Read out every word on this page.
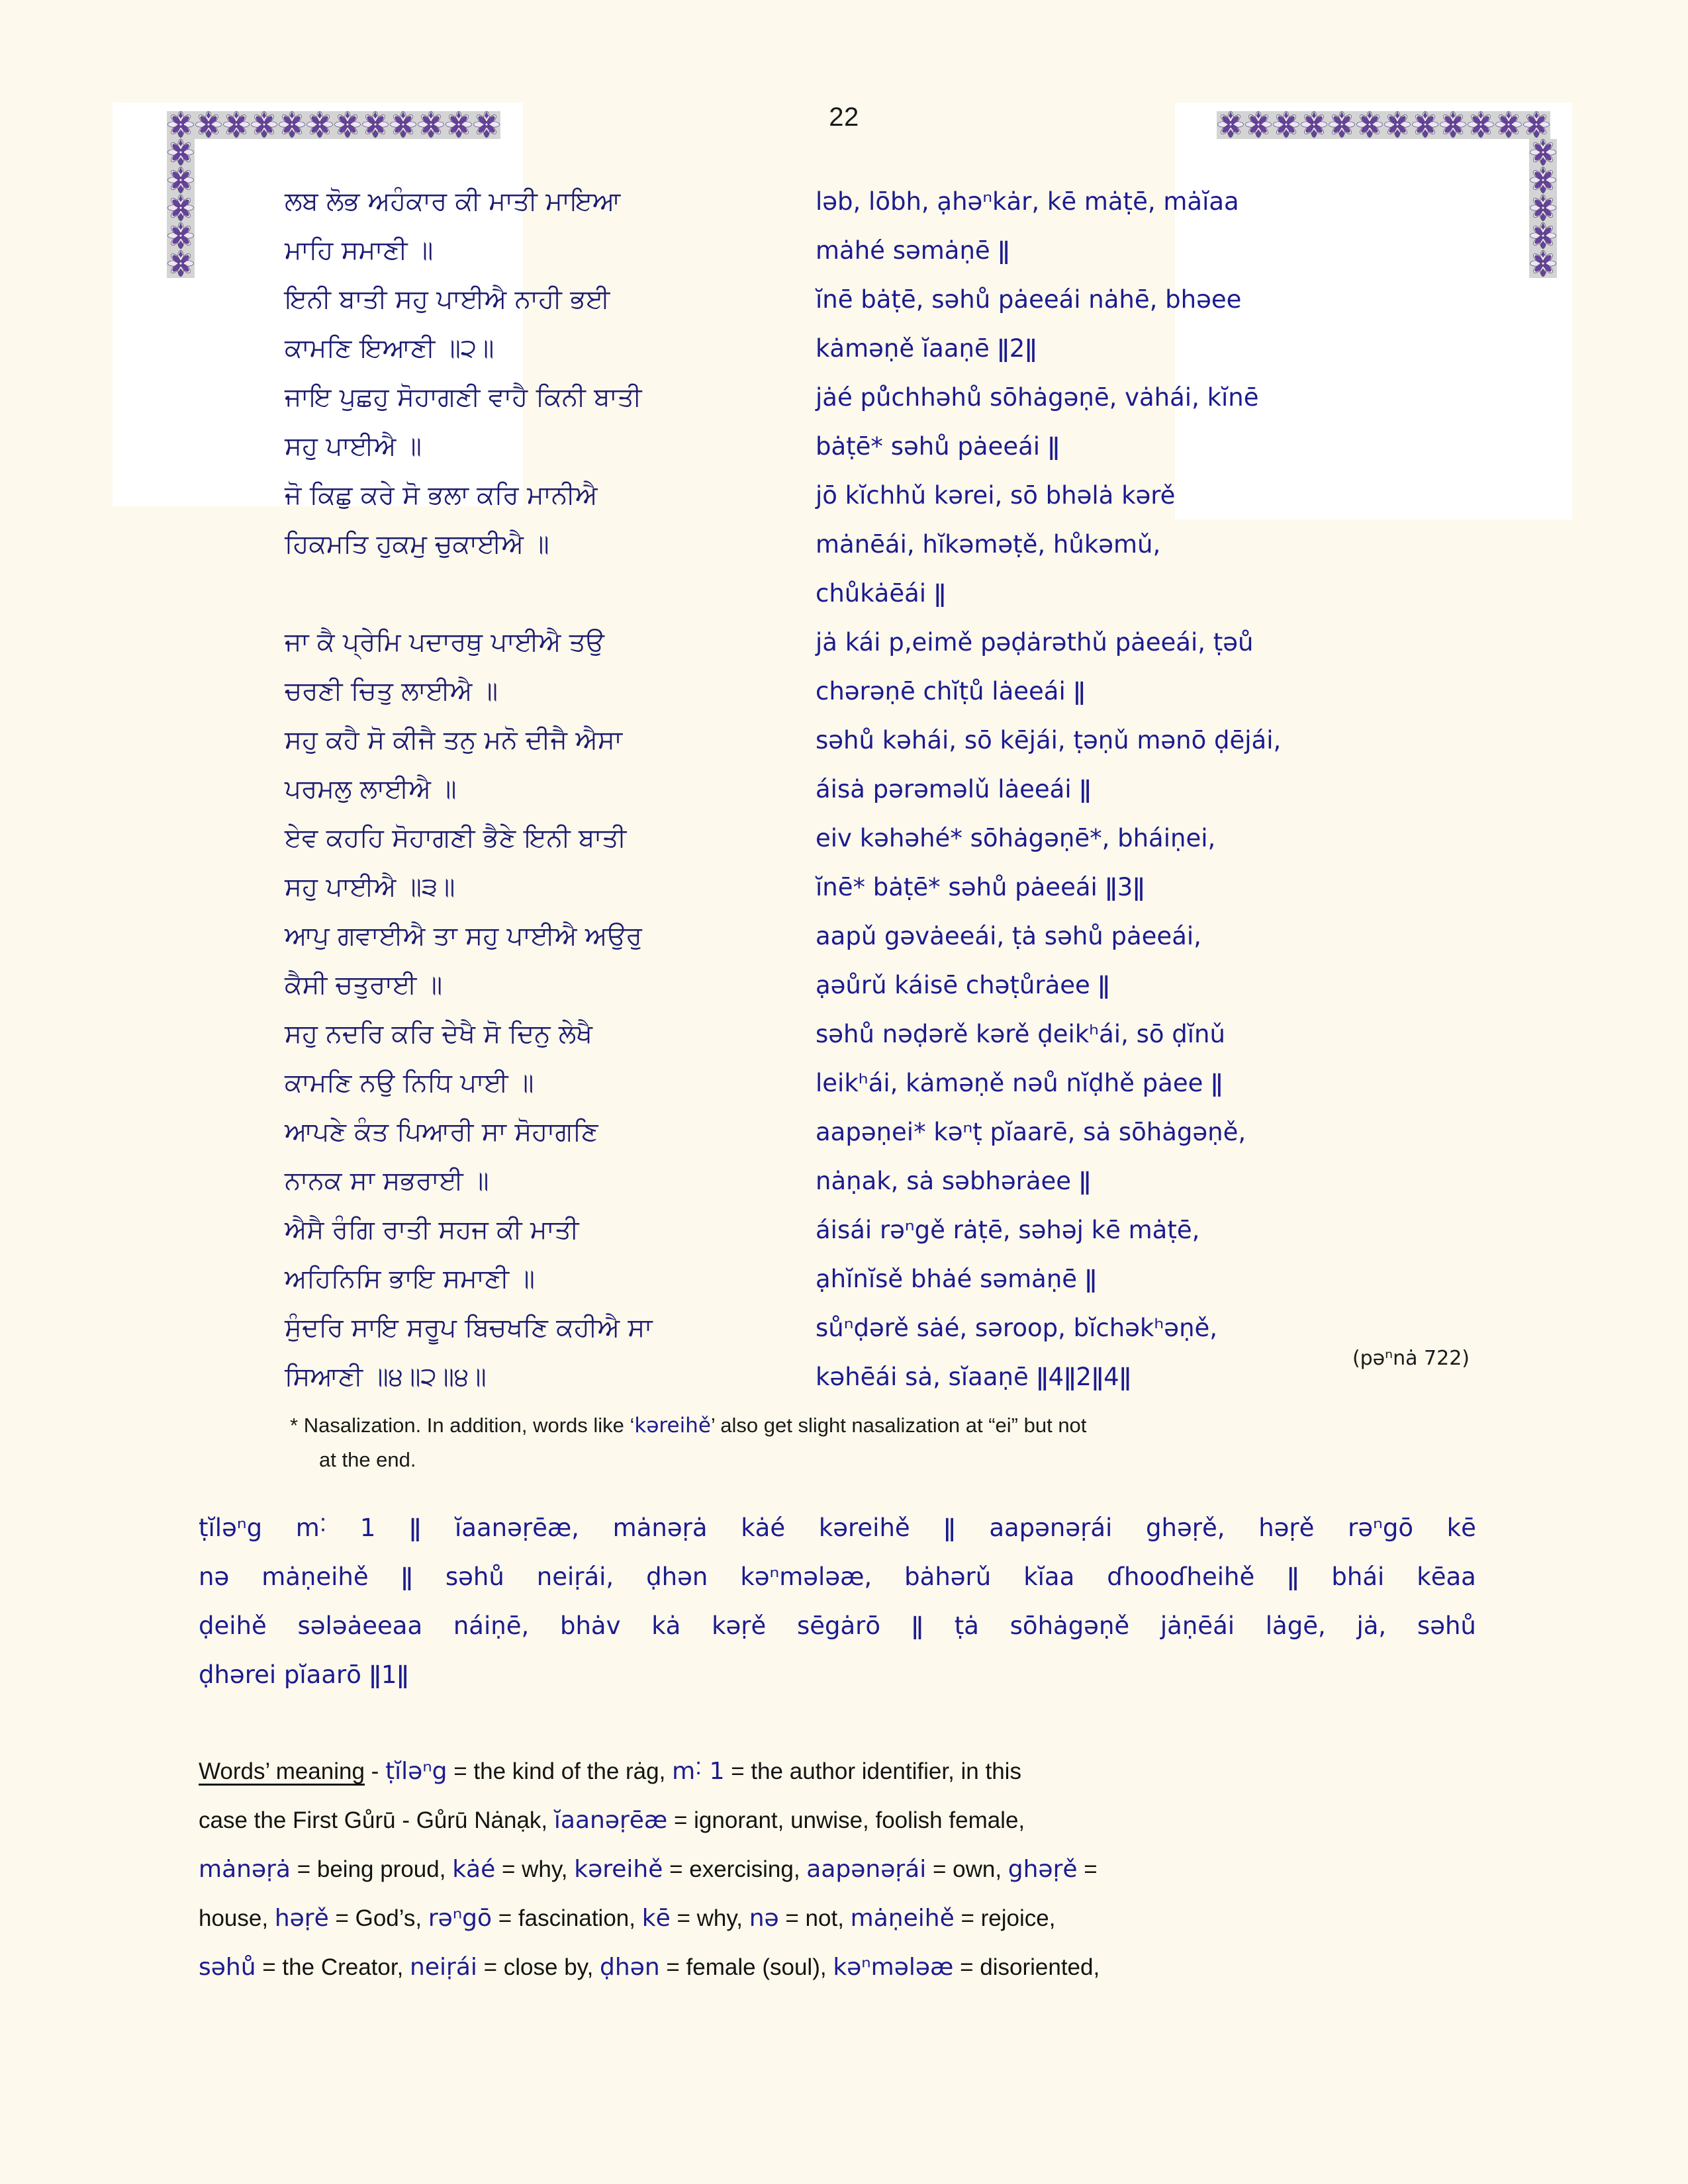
22
ਲਬ ਲੋਭ ਅਹੰਕਾਰ ਕੀ ਮਾਤੀ ਮਾਇਆ
ਮਾਹਿ ਸਮਾਣੀ ॥
ਇਨੀ ਬਾਤੀ ਸਹੁ ਪਾਈਐ ਨਾਹੀ ਭਈ
ਕਾਮਣਿ ਇਆਣੀ ॥੨॥
ਜਾਇ ਪੁਛਹੁ ਸੋਹਾਗਣੀ ਵਾਹੈ ਕਿਨੀ ਬਾਤੀ
ਸਹੁ ਪਾਈਐ ॥
ਜੋ ਕਿਛੁ ਕਰੇ ਸੋ ਭਲਾ ਕਰਿ ਮਾਨੀਐ
ਹਿਕਮਤਿ ਹੁਕਮੁ ਚੁਕਾਈਐ ॥
ਜਾ ਕੈ ਪ੍ਰੇਮਿ ਪਦਾਰਥੁ ਪਾਈਐ ਤਉ
ਚਰਣੀ ਚਿਤੁ ਲਾਈਐ ॥
ਸਹੁ ਕਹੈ ਸੋ ਕੀਜੈ ਤਨੁ ਮਨੋ ਦੀਜੈ ਐਸਾ
ਪਰਮਲੁ ਲਾਈਐ ॥
ਏਵ ਕਹਹਿ ਸੋਹਾਗਣੀ ਭੈਣੇ ਇਨੀ ਬਾਤੀ
ਸਹੁ ਪਾਈਐ ॥੩॥
ਆਪੁ ਗਵਾਈਐ ਤਾ ਸਹੁ ਪਾਈਐ ਅਉਰੁ
ਕੈਸੀ ਚਤੁਰਾਈ ॥
ਸਹੁ ਨਦਰਿ ਕਰਿ ਦੇਖੈ ਸੋ ਦਿਨੁ ਲੇਖੈ
ਕਾਮਣਿ ਨਉ ਨਿਧਿ ਪਾਈ ॥
ਆਪਣੇ ਕੰਤ ਪਿਆਰੀ ਸਾ ਸੋਹਾਗਣਿ
ਨਾਨਕ ਸਾ ਸਭਰਾਈ ॥
ਐਸੈ ਰੰਗਿ ਰਾਤੀ ਸਹਜ ਕੀ ਮਾਤੀ
ਅਹਿਨਿਸਿ ਭਾਇ ਸਮਾਣੀ ॥
ਸੁੰਦਰਿ ਸਾਇ ਸਰੂਪ ਬਿਚਖਣਿ ਕਹੀਐ ਸਾ
ਸਿਆਣੀ ॥੪॥੨॥੪॥
ləb, lōbh, ạhəⁿkȧr, kē mȧṭē, mȧĭaa
mȧhé səmȧṇē ǁ
ĭnē bȧṭē, səhů pȧeeái nȧhē, bhəee
kȧməṇě ĭaaṇē ǁ2ǁ
jȧé pů̇chhəhů sōhȧgəṇē, vȧhái, kĭnē
bȧṭē* səhů pȧeeái ǁ
jō kĭchhǔ kərei, sō bhəlȧ kərě
mȧnēái, hĭkəməṭě, hůkəmǔ,
chůkȧēái ǁ
jȧ kái p‚eimě pəḍȧrəthǔ pȧeeái, ṭəů
chərəṇē chĭṭů lȧeeái ǁ
səhů kəhái, sō kējái, ṭəṇǔ mənō ḍējái,
áisȧ pərəməlǔ lȧeeái ǁ
eiv kəhəhé* sōhȧgəṇē*, bháiṇei,
ĭnē* bȧṭē* səhů pȧeeái ǁ3ǁ
aapǔ gəvȧeeái, ṭȧ səhů pȧeeái,
ạəůrǔ káisē chəṭůrȧee ǁ
səhů nəḍərě kərě ḍeikʰái, sō ḍĭnǔ
leikʰái, kȧməṇě nəů nĭḍhě pȧee ǁ
aapəṇei* kəⁿṭ pĭaarē, sȧ sōhȧgəṇě,
nȧṇak, sȧ səbhərȧee ǁ
áisái rəⁿgě rȧṭē, səhəj kē mȧṭē,
ạhĭnĭsě bhȧé səmȧṇē ǁ
sůⁿḍərě sȧé, səroop, bĭchəkʰəṇě,
kəhēái sȧ, sĭaaṇē ǁ4ǁ2ǁ4ǁ
(pəⁿnȧ 722)
* Nasalization. In addition, words like ‘kəreihě’ also get slight nasalization at “ei” but not
at the end.
ṭĭləⁿg m˸ 1 ǁ ĭaanəṛēæ, mȧnəṛȧ kȧé kəreihě ǁ aapənəṛái ghəṛě, həṛě rəⁿgō kē
nə mȧṇeihě ǁ səhů neiṛái, ḍhən kəⁿmələæ, bȧhərǔ kĭaa ɗhooɗheihě ǁ bhái kēaa
ḍeihě sələȧeeaa náiṇē, bhȧv kȧ kəṛě sēgȧrō ǁ ṭȧ sōhȧgəṇě jȧṇēái lȧgē, jȧ, səhů
ḍhərei pĭaarō ǁ1ǁ
Words’ meaning - ṭĭləⁿg = the kind of the rȧg, m˸ 1 = the author identifier, in this
case the First Gůrū - Gůrū Nȧnạk, ĭaanəṛēæ = ignorant, unwise, foolish female,
mȧnəṛȧ = being proud, kȧé = why, kəreihě = exercising, aapənəṛái = own, ghəṛě =
house, həṛě = God’s, rəⁿgō = fascination, kē = why, nə = not, mȧṇeihě = rejoice,
səhů = the Creator, neiṛái = close by, ḍhən = female (soul), kəⁿmələæ = disoriented,
